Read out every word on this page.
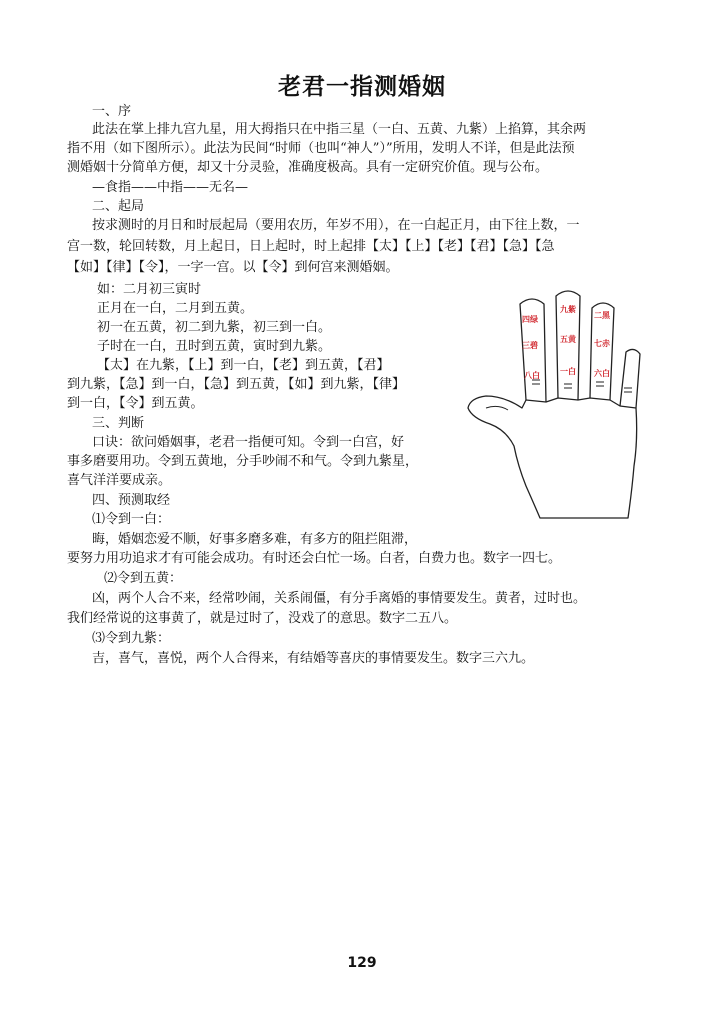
老君一指测婚姻
一、序
此法在掌上排九宫九星，用大拇指只在中指三星（一白、五黄、九紫）上掐算，其余两
指不用（如下图所示）。此法为民间“时师（也叫“神人”）”所用，发明人不详，但是此法预
测婚姻十分简单方便，却又十分灵验，准确度极高。具有一定研究价值。现与公布。
—食指——中指——无名—
二、起局
按求测时的月日和时辰起局（要用农历，年岁不用），在一白起正月，由下往上数，一
宫一数，轮回转数，月上起日，日上起时，时上起排【太】【上】【老】【君】【急】【急
【如】【律】【令】，一字一宫。以【令】到何宫来测婚姻。
如：二月初三寅时
正月在一白，二月到五黄。
初一在五黄，初二到九紫，初三到一白。
子时在一白，丑时到五黄，寅时到九紫。
【太】在九紫，【上】到一白，【老】到五黄，【君】
到九紫，【急】到一白，【急】到五黄，【如】到九紫，【律】
到一白，【令】到五黄。
三、判断
口诀：欲问婚姻事，老君一指便可知。令到一白宫，好
事多磨要用功。令到五黄地，分手吵闹不和气。令到九紫星，
喜气洋洋要成亲。
四、预测取经
⑴令到一白：
晦，婚姻恋爱不顺，好事多磨多难，有多方的阻拦阻滞，
要努力用功追求才有可能会成功。有时还会白忙一场。白者，白费力也。数字一四七。
⑵令到五黄：
凶，两个人合不来，经常吵闹，关系闹僵，有分手离婚的事情要发生。黄者，过时也。
我们经常说的这事黄了，就是过时了，没戏了的意思。数字二五八。
⑶令到九紫：
吉，喜气，喜悦，两个人合得来，有结婚等喜庆的事情要发生。数字三六九。
四绿
三碧
八白
九紫
五黄
一白
二黑
七赤
六白
129
